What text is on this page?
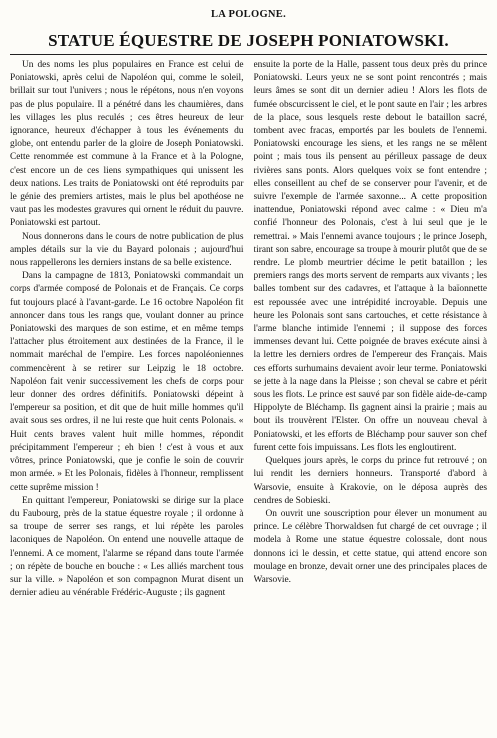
LA POLOGNE.
STATUE ÉQUESTRE DE JOSEPH PONIATOWSKI.

Un des noms les plus populaires en France est celui de Poniatowski, après celui de Napoléon qui, comme le soleil, brillait sur tout l'univers ; nous le répétons, nous n'en voyons pas de plus populaire. Il a pénétré dans les chaumières, dans les villages les plus reculés ; ces êtres heureux de leur ignorance, heureux d'échapper à tous les événements du globe, ont entendu parler de la gloire de Joseph Poniatowski. Cette renommée est commune à la France et à la Pologne, c'est encore un de ces liens sympathiques qui unissent les deux nations. Les traits de Poniatowski ont été reproduits par le génie des premiers artistes, mais le plus bel apothéose ne vaut pas les modestes gravures qui ornent le réduit du pauvre. Poniatowski est partout.

Nous donnerons dans le cours de notre publication de plus amples détails sur la vie du Bayard polonais ; aujourd'hui nous rappellerons les derniers instans de sa belle existence.

Dans la campagne de 1813, Poniatowski commandait un corps d'armée composé de Polonais et de Français. Ce corps fut toujours placé à l'avant-garde. Le 16 octobre Napoléon fit annoncer dans tous les rangs que, voulant donner au prince Poniatowski des marques de son estime, et en même temps l'attacher plus étroitement aux destinées de la France, il le nommait maréchal de l'empire. Les forces napoléoniennes commencèrent à se retirer sur Leipzig le 18 octobre. Napoléon fait venir successivement les chefs de corps pour leur donner des ordres définitifs. Poniatowski dépeint à l'empereur sa position, et dit que de huit mille hommes qu'il avait sous ses ordres, il ne lui reste que huit cents Polonais. « Huit cents braves valent huit mille hommes, répondit précipitamment l'empereur ; eh bien ! c'est à vous et aux vôtres, prince Poniatowski, que je confie le soin de couvrir mon armée. » Et les Polonais, fidèles à l'honneur, remplissent cette suprême mission !

En quittant l'empereur, Poniatowski se dirige sur la place du Faubourg, près de la statue équestre royale ; il ordonne à sa troupe de serrer ses rangs, et lui répète les paroles laconiques de Napoléon. On entend une nouvelle attaque de l'ennemi. A ce moment, l'alarme se répand dans toute l'armée ; on répète de bouche en bouche : « Les alliés marchent tous sur la ville. » Napoléon et son compagnon Murat disent un dernier adieu au vénérable Frédéric-Auguste ; ils gagnent

ensuite la porte de la Halle, passent tous deux près du prince Poniatowski. Leurs yeux ne se sont point rencontrés ; mais leurs âmes se sont dit un dernier adieu ! Alors les flots de fumée obscurcissent le ciel, et le pont saute en l'air ; les arbres de la place, sous lesquels reste debout le bataillon sacré, tombent avec fracas, emportés par les boulets de l'ennemi. Poniatowski encourage les siens, et les rangs ne se mêlent point ; mais tous ils pensent au périlleux passage de deux rivières sans ponts. Alors quelques voix se font entendre ; elles conseillent au chef de se conserver pour l'avenir, et de suivre l'exemple de l'armée saxonne... A cette proposition inattendue, Poniatowski répond avec calme : « Dieu m'a confié l'honneur des Polonais, c'est à lui seul que je le remettrai. » Mais l'ennemi avance toujours ; le prince Joseph, tirant son sabre, encourage sa troupe à mourir plutôt que de se rendre. Le plomb meurtrier décime le petit bataillon ; les premiers rangs des morts servent de remparts aux vivants ; les balles tombent sur des cadavres, et l'attaque à la baïonnette est repoussée avec une intrépidité incroyable. Depuis une heure les Polonais sont sans cartouches, et cette résistance à l'arme blanche intimide l'ennemi ; il suppose des forces immenses devant lui. Cette poignée de braves exécute ainsi à la lettre les derniers ordres de l'empereur des Français. Mais ces efforts surhumains devaient avoir leur terme. Poniatowski se jette à la nage dans la Pleisse ; son cheval se cabre et périt sous les flots. Le prince est sauvé par son fidèle aide-de-camp Hippolyte de Bléchamp. Ils gagnent ainsi la prairie ; mais au bout ils trouvèrent l'Elster. On offre un nouveau cheval à Poniatowski, et les efforts de Bléchamp pour sauver son chef furent cette fois impuissans. Les flots les engloutirent.

Quelques jours après, le corps du prince fut retrouvé ; on lui rendit les derniers honneurs. Transporté d'abord à Warsovie, ensuite à Krakovie, on le déposa auprès des cendres de Sobieski.

On ouvrit une souscription pour élever un monument au prince. Le célèbre Thorwaldsen fut chargé de cet ouvrage ; il modela à Rome une statue équestre colossale, dont nous donnons ici le dessin, et cette statue, qui attend encore son moulage en bronze, devait orner une des principales places de Warsovie.
